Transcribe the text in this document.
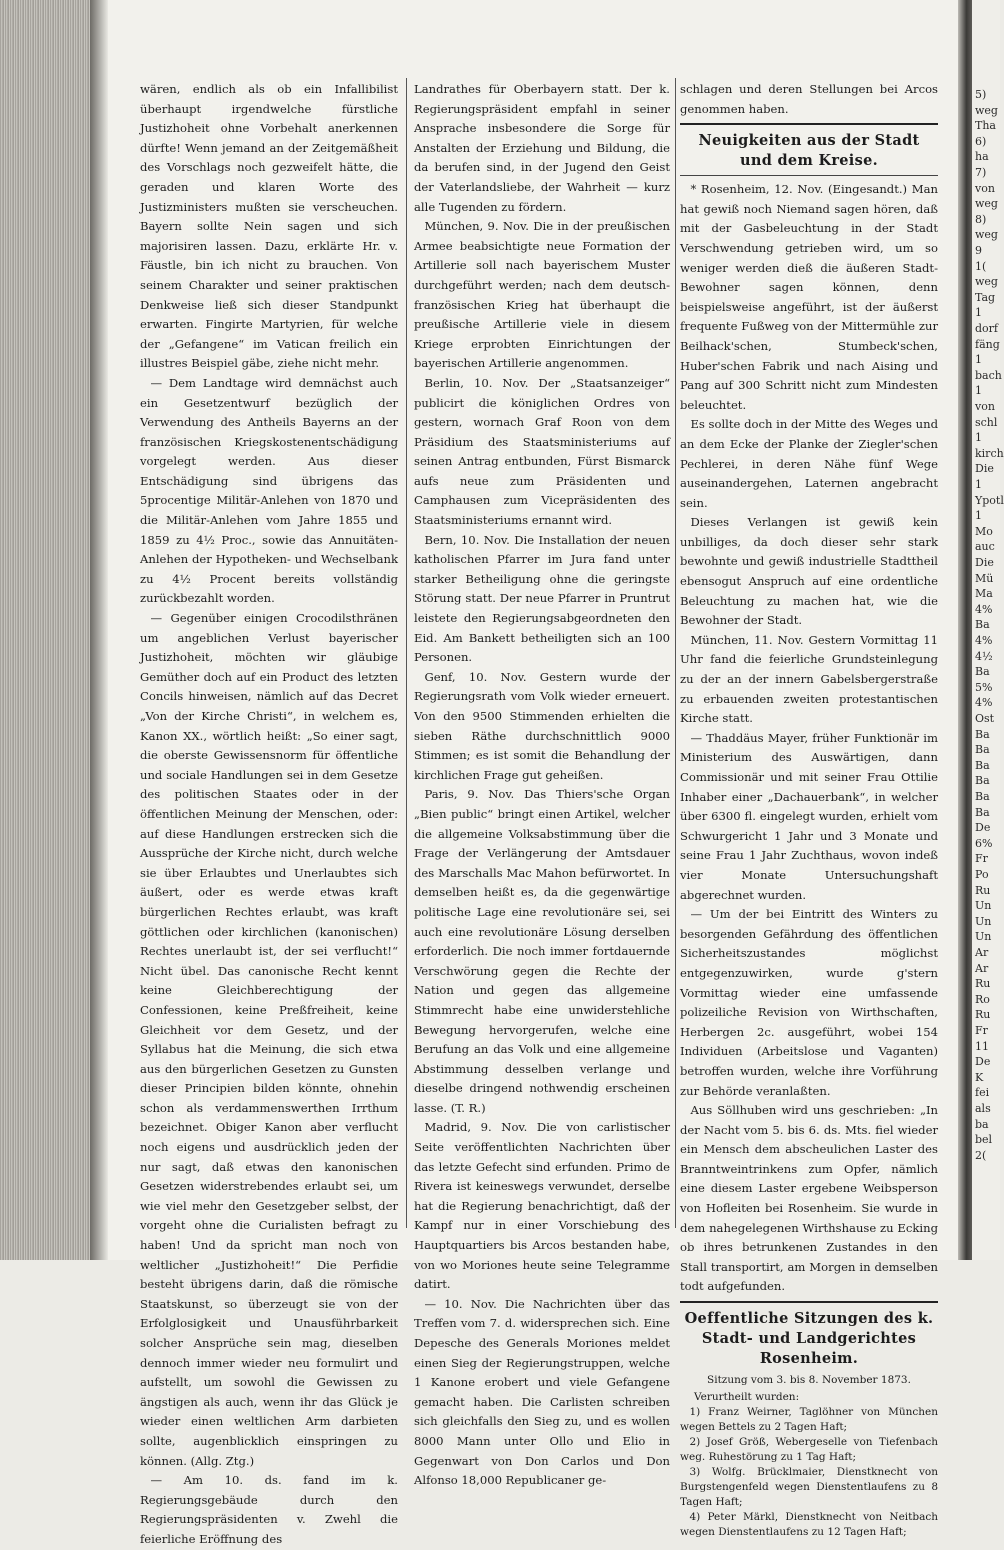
5)
weg
Tha
6)
ha
7)
von
weg
8)
weg
9
1(
weg
Tag
1
dorf
fäng
1
bach
1
von
schl
1
kirch
Die
1
Ypotl
1
Mo
auc
Die
Mü
Ma
4%
Ba
4%
4½
Ba
5%
4%
Ost
Ba
Ba
Ba
Ba
Ba
Ba
De
6%
Fr
Po
Ru
Un
Un
Un
Ar
Ar
Ru
Ro
Ru
Fr
11
De
K
fei
als
ba
bel
2(

wären, endlich als ob ein Infallibilist überhaupt irgendwelche fürstliche Justizhoheit ohne Vorbehalt anerkennen dürfte! Wenn jemand an der Zeitgemäßheit des Vorschlags noch gezweifelt hätte, die geraden und klaren Worte des Justizministers mußten sie verscheuchen. Bayern sollte Nein sagen und sich majorisiren lassen. Dazu, erklärte Hr. v. Fäustle, bin ich nicht zu brauchen. Von seinem Charakter und seiner praktischen Denkweise ließ sich dieser Standpunkt erwarten. Fingirte Martyrien, für welche der „Gefangene“ im Vatican freilich ein illustres Beispiel gäbe, ziehe nicht mehr.

— Dem Landtage wird demnächst auch ein Gesetzentwurf bezüglich der Verwendung des Antheils Bayerns an der französischen Kriegskostenentschädigung vorgelegt werden. Aus dieser Entschädigung sind übrigens das 5procentige Militär-Anlehen von 1870 und die Militär-Anlehen vom Jahre 1855 und 1859 zu 4½ Proc., sowie das Annuitäten-Anlehen der Hypotheken- und Wechselbank zu 4½ Procent bereits vollständig zurückbezahlt worden.

— Gegenüber einigen Crocodilsthränen um angeblichen Verlust bayerischer Justizhoheit, möchten wir gläubige Gemüther doch auf ein Product des letzten Concils hinweisen, nämlich auf das Decret „Von der Kirche Christi“, in welchem es, Kanon XX., wörtlich heißt: „So einer sagt, die oberste Gewissensnorm für öffentliche und sociale Handlungen sei in dem Gesetze des politischen Staates oder in der öffentlichen Meinung der Menschen, oder: auf diese Handlungen erstrecken sich die Aussprüche der Kirche nicht, durch welche sie über Erlaubtes und Unerlaubtes sich äußert, oder es werde etwas kraft bürgerlichen Rechtes erlaubt, was kraft göttlichen oder kirchlichen (kanonischen) Rechtes unerlaubt ist, der sei verflucht!“ Nicht übel. Das canonische Recht kennt keine Gleichberechtigung der Confessionen, keine Preßfreiheit, keine Gleichheit vor dem Gesetz, und der Syllabus hat die Meinung, die sich etwa aus den bürgerlichen Gesetzen zu Gunsten dieser Principien bilden könnte, ohnehin schon als verdammenswerthen Irrthum bezeichnet. Obiger Kanon aber verflucht noch eigens und ausdrücklich jeden der nur sagt, daß etwas den kanonischen Gesetzen widerstrebendes erlaubt sei, um wie viel mehr den Gesetzgeber selbst, der vorgeht ohne die Curialisten befragt zu haben! Und da spricht man noch von weltlicher „Justizhoheit!“ Die Perfidie besteht übrigens darin, daß die römische Staatskunst, so überzeugt sie von der Erfolglosigkeit und Unausführbarkeit solcher Ansprüche sein mag, dieselben dennoch immer wieder neu formulirt und aufstellt, um sowohl die Gewissen zu ängstigen als auch, wenn ihr das Glück je wieder einen weltlichen Arm darbieten sollte, augenblicklich einspringen zu können. (Allg. Ztg.)

— Am 10. ds. fand im k. Regierungsgebäude durch den Regierungspräsidenten v. Zwehl die feierliche Eröffnung des

Landrathes für Oberbayern statt. Der k. Regierungspräsident empfahl in seiner Ansprache insbesondere die Sorge für Anstalten der Erziehung und Bildung, die da berufen sind, in der Jugend den Geist der Vaterlandsliebe, der Wahrheit — kurz alle Tugenden zu fördern.

München, 9. Nov. Die in der preußischen Armee beabsichtigte neue Formation der Artillerie soll nach bayerischem Muster durchgeführt werden; nach dem deutsch-französischen Krieg hat überhaupt die preußische Artillerie viele in diesem Kriege erprobten Einrichtungen der bayerischen Artillerie angenommen.

Berlin, 10. Nov. Der „Staatsanzeiger“ publicirt die königlichen Ordres von gestern, wornach Graf Roon von dem Präsidium des Staatsministeriums auf seinen Antrag entbunden, Fürst Bismarck aufs neue zum Präsidenten und Camphausen zum Vicepräsidenten des Staatsministeriums ernannt wird.

Bern, 10. Nov. Die Installation der neuen katholischen Pfarrer im Jura fand unter starker Betheiligung ohne die geringste Störung statt. Der neue Pfarrer in Pruntrut leistete den Regierungsabgeordneten den Eid. Am Bankett betheiligten sich an 100 Personen.

Genf, 10. Nov. Gestern wurde der Regierungsrath vom Volk wieder erneuert. Von den 9500 Stimmenden erhielten die sieben Räthe durchschnittlich 9000 Stimmen; es ist somit die Behandlung der kirchlichen Frage gut geheißen.

Paris, 9. Nov. Das Thiers'sche Organ „Bien public“ bringt einen Artikel, welcher die allgemeine Volksabstimmung über die Frage der Verlängerung der Amtsdauer des Marschalls Mac Mahon befürwortet. In demselben heißt es, da die gegenwärtige politische Lage eine revolutionäre sei, sei auch eine revolutionäre Lösung derselben erforderlich. Die noch immer fortdauernde Verschwörung gegen die Rechte der Nation und gegen das allgemeine Stimmrecht habe eine unwiderstehliche Bewegung hervorgerufen, welche eine Berufung an das Volk und eine allgemeine Abstimmung desselben verlange und dieselbe dringend nothwendig erscheinen lasse. (T. R.)

Madrid, 9. Nov. Die von carlistischer Seite veröffentlichten Nachrichten über das letzte Gefecht sind erfunden. Primo de Rivera ist keineswegs verwundet, derselbe hat die Regierung benachrichtigt, daß der Kampf nur in einer Vorschiebung des Hauptquartiers bis Arcos bestanden habe, von wo Moriones heute seine Telegramme datirt.

— 10. Nov. Die Nachrichten über das Treffen vom 7. d. widersprechen sich. Eine Depesche des Generals Moriones meldet einen Sieg der Regierungstruppen, welche 1 Kanone erobert und viele Gefangene gemacht haben. Die Carlisten schreiben sich gleichfalls den Sieg zu, und es wollen 8000 Mann unter Ollo und Elio in Gegenwart von Don Carlos und Don Alfonso 18,000 Republicaner ge-

schlagen und deren Stellungen bei Arcos genommen haben.

Neuigkeiten aus der Stadt und dem Kreise.

* Rosenheim, 12. Nov. (Eingesandt.) Man hat gewiß noch Niemand sagen hören, daß mit der Gasbeleuchtung in der Stadt Verschwendung getrieben wird, um so weniger werden dieß die äußeren Stadt-Bewohner sagen können, denn beispielsweise angeführt, ist der äußerst frequente Fußweg von der Mittermühle zur Beilhack'schen, Stumbeck'schen, Huber'schen Fabrik und nach Aising und Pang auf 300 Schritt nicht zum Mindesten beleuchtet.

Es sollte doch in der Mitte des Weges und an dem Ecke der Planke der Ziegler'schen Pechlerei, in deren Nähe fünf Wege auseinandergehen, Laternen angebracht sein.

Dieses Verlangen ist gewiß kein unbilliges, da doch dieser sehr stark bewohnte und gewiß industrielle Stadttheil ebensogut Anspruch auf eine ordentliche Beleuchtung zu machen hat, wie die Bewohner der Stadt.

München, 11. Nov. Gestern Vormittag 11 Uhr fand die feierliche Grundsteinlegung zu der an der innern Gabelsbergerstraße zu erbauenden zweiten protestantischen Kirche statt.

— Thaddäus Mayer, früher Funktionär im Ministerium des Auswärtigen, dann Commissionär und mit seiner Frau Ottilie Inhaber einer „Dachauerbank“, in welcher über 6300 fl. eingelegt wurden, erhielt vom Schwurgericht 1 Jahr und 3 Monate und seine Frau 1 Jahr Zuchthaus, wovon indeß vier Monate Untersuchungshaft abgerechnet wurden.

— Um der bei Eintritt des Winters zu besorgenden Gefährdung des öffentlichen Sicherheitszustandes möglichst entgegenzuwirken, wurde g'stern Vormittag wieder eine umfassende polizeiliche Revision von Wirthschaften, Herbergen 2c. ausgeführt, wobei 154 Individuen (Arbeitslose und Vaganten) betroffen wurden, welche ihre Vorführung zur Behörde veranlaßten.

Aus Söllhuben wird uns geschrieben: „In der Nacht vom 5. bis 6. ds. Mts. fiel wieder ein Mensch dem abscheulichen Laster des Branntweintrinkens zum Opfer, nämlich eine diesem Laster ergebene Weibsperson von Hofleiten bei Rosenheim. Sie wurde in dem nahegelegenen Wirthshause zu Ecking ob ihres betrunkenen Zustandes in den Stall transportirt, am Morgen in demselben todt aufgefunden.

Oeffentliche Sitzungen des k. Stadt- und Landgerichtes Rosenheim.
Sitzung vom 3. bis 8. November 1873.
Verurtheilt wurden:
1) Franz Weirner, Taglöhner von München wegen Bettels zu 2 Tagen Haft;
2) Josef Größ, Webergeselle von Tiefenbach weg. Ruhestörung zu 1 Tag Haft;
3) Wolfg. Brücklmaier, Dienstknecht von Burgstengenfeld wegen Dienstentlaufens zu 8 Tagen Haft;
4) Peter Märkl, Dienstknecht von Neitbach wegen Dienstentlaufens zu 12 Tagen Haft;
